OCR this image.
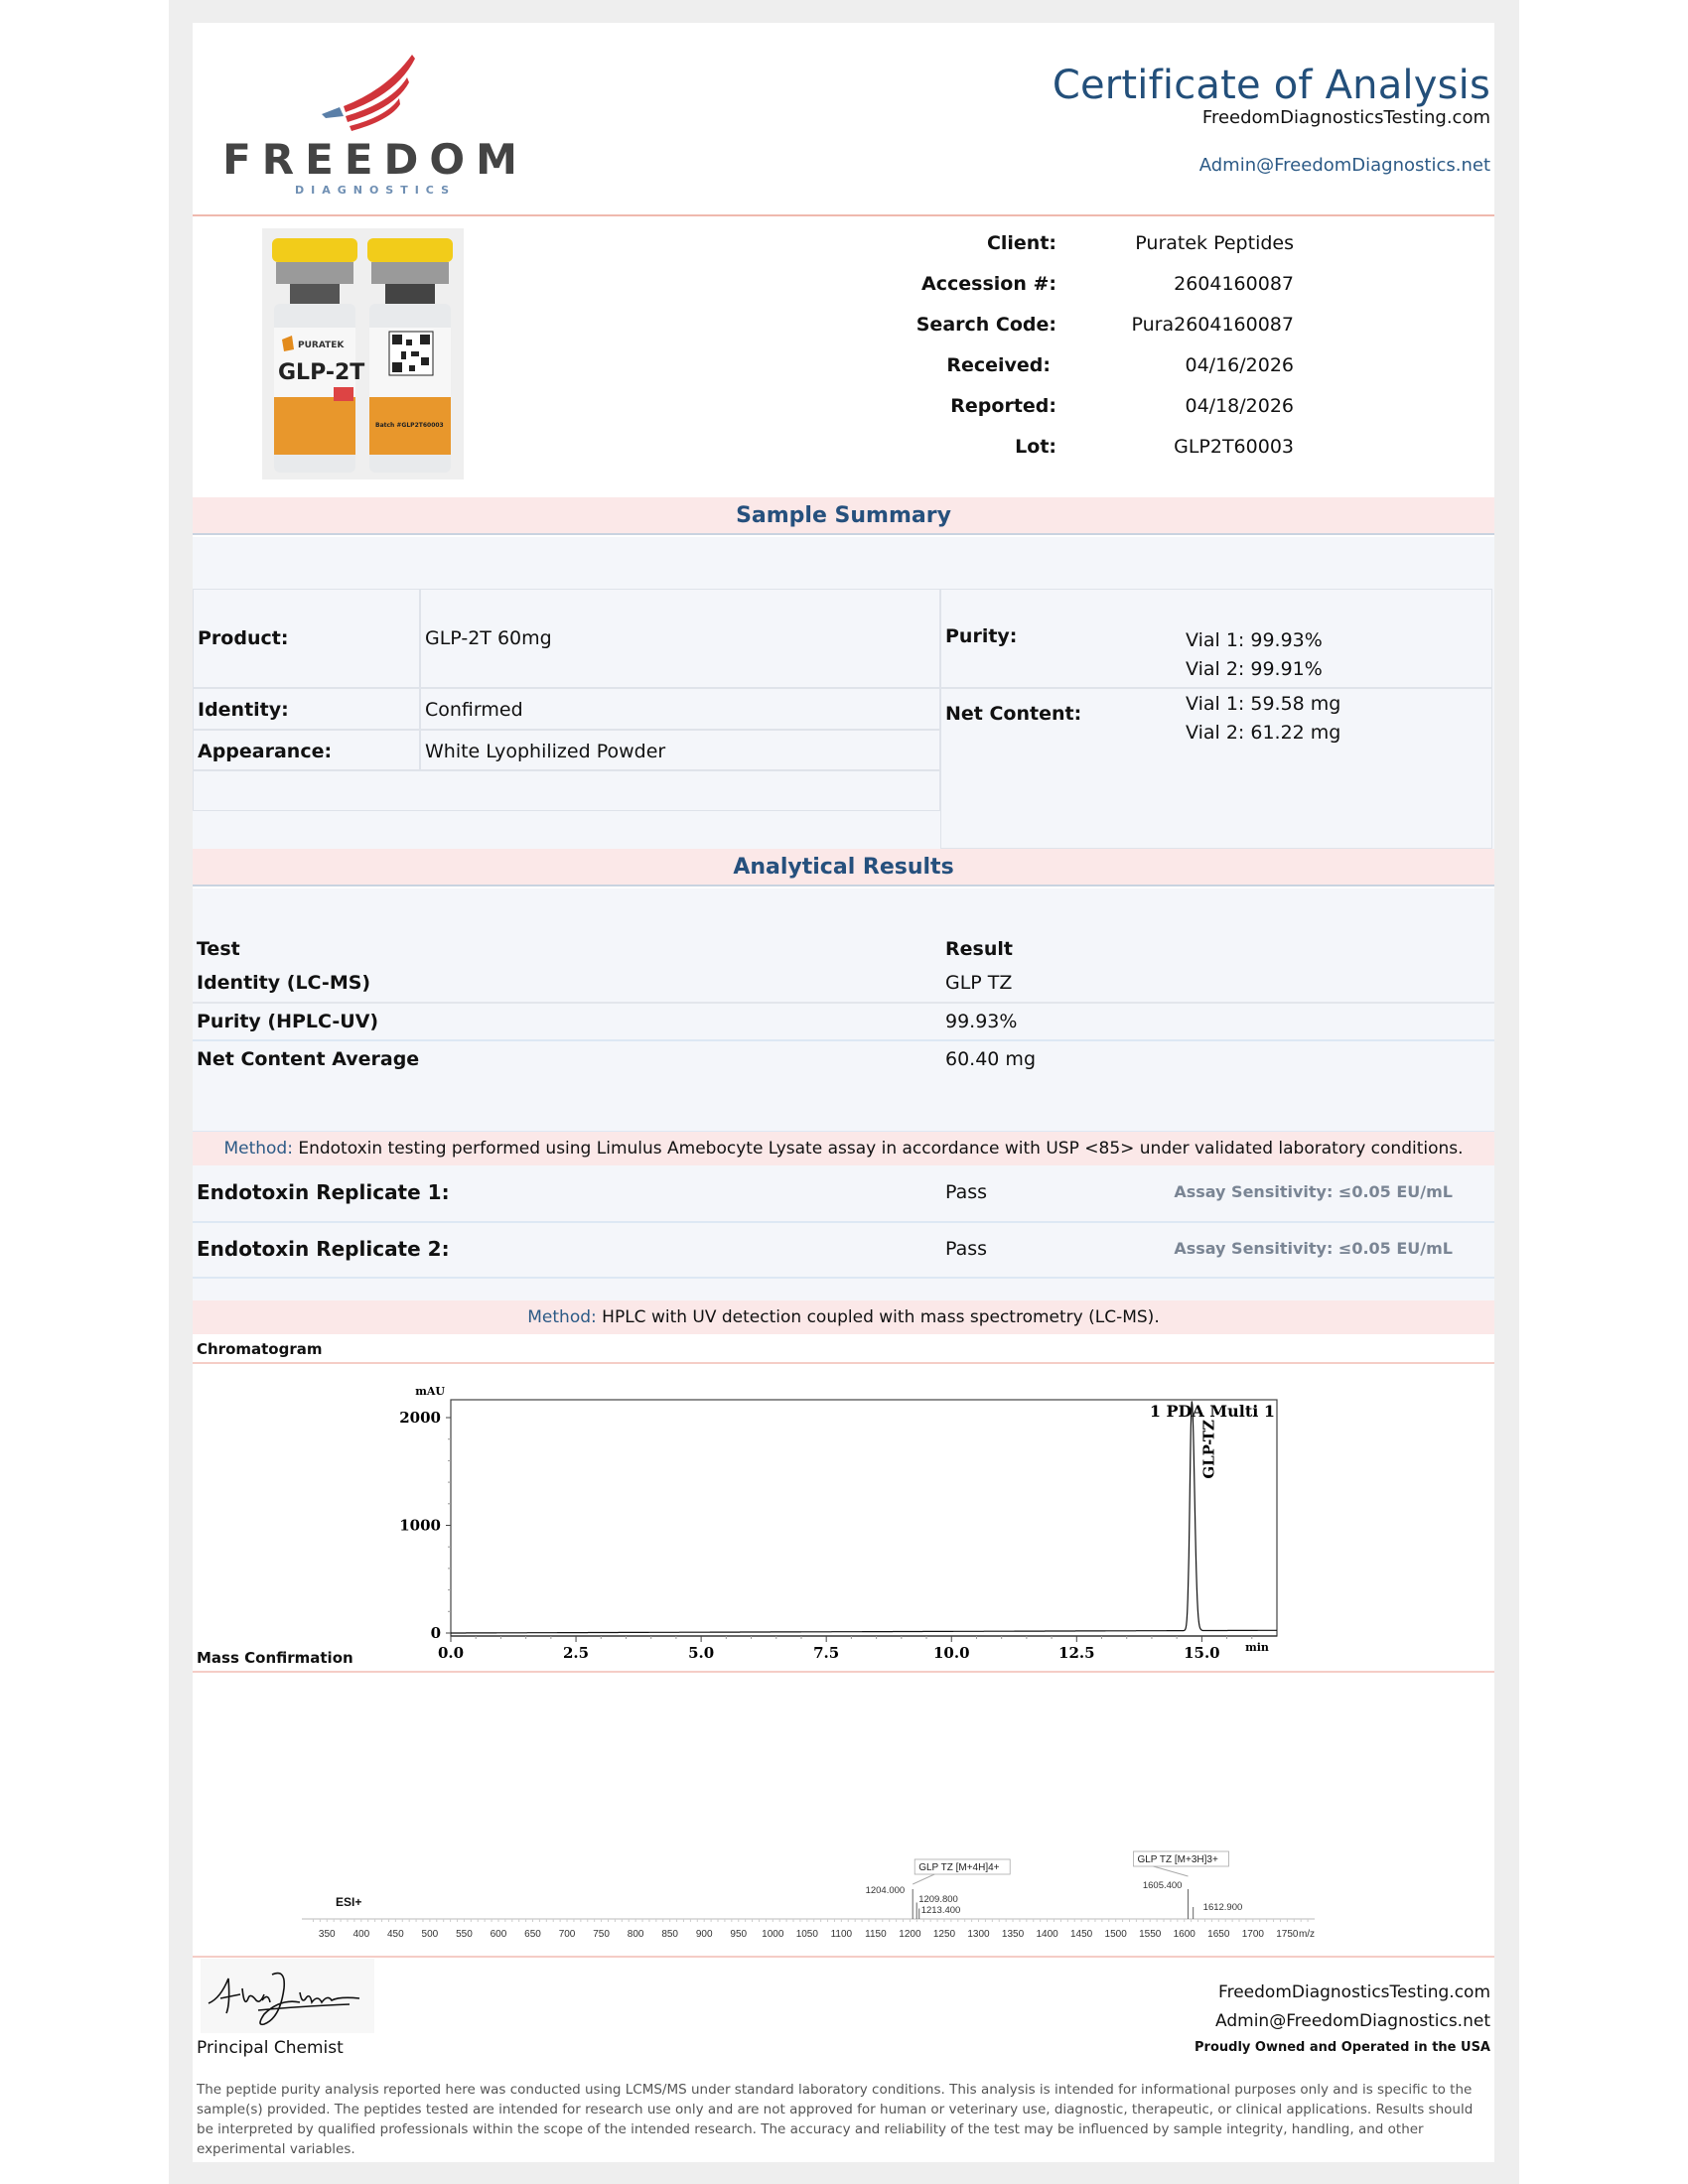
FREEDOM
DIAGNOSTICS
Certificate of Analysis
FreedomDiagnosticsTesting.com
Admin@FreedomDiagnostics.net
PURATEK
GLP-2T
Batch #GLP2T60003
Client:	Puratek Peptides
Accession #:	2604160087
Search Code:	Pura2604160087
Received:	04/16/2026
Reported:	04/18/2026
Lot:	GLP2T60003
Sample Summary
Product:	GLP-2T 60mg
Identity:	Confirmed
Appearance:	White Lyophilized Powder
Purity:	Vial 1: 99.93%
Vial 2: 99.91%
Net Content:	Vial 1: 59.58 mg
Vial 2: 61.22 mg
Analytical Results
Test	Result
Identity (LC-MS)	GLP TZ
Purity (HPLC-UV)	99.93%
Net Content Average	60.40 mg
Method: Endotoxin testing performed using Limulus Amebocyte Lysate assay in accordance with USP <85> under validated laboratory conditions.
Endotoxin Replicate 1:	Pass	Assay Sensitivity: ≤0.05 EU/mL
Endotoxin Replicate 2:	Pass	Assay Sensitivity: ≤0.05 EU/mL
Method: HPLC with UV detection coupled with mass spectrometry (LC-MS).
Chromatogram
mAU
0
1000
2000
0.0	2.5	5.0	7.5	10.0	12.5	15.0 min
1 PDA Multi 1
GLP-TZ
Mass Confirmation
350 400 450 500 550 600 650 700 750 800 850 900 950 1000 1050 1100 1150 1200 1250 1300 1350 1400 1450 1500 1550 1600 1650 1700 1750 m/z
ESI+
1204.000
1209.800
1213.400
1605.400
1612.900
GLP TZ [M+4H]4+
GLP TZ [M+3H]3+
Principal Chemist
FreedomDiagnosticsTesting.com
Admin@FreedomDiagnostics.net
Proudly Owned and Operated in the USA
The peptide purity analysis reported here was conducted using LCMS/MS under standard laboratory conditions. This analysis is intended for informational purposes only and is specific to the sample(s) provided. The peptides tested are intended for research use only and are not approved for human or veterinary use, diagnostic, therapeutic, or clinical applications. Results should be interpreted by qualified professionals within the scope of the intended research. The accuracy and reliability of the test may be influenced by sample integrity, handling, and other experimental variables.
